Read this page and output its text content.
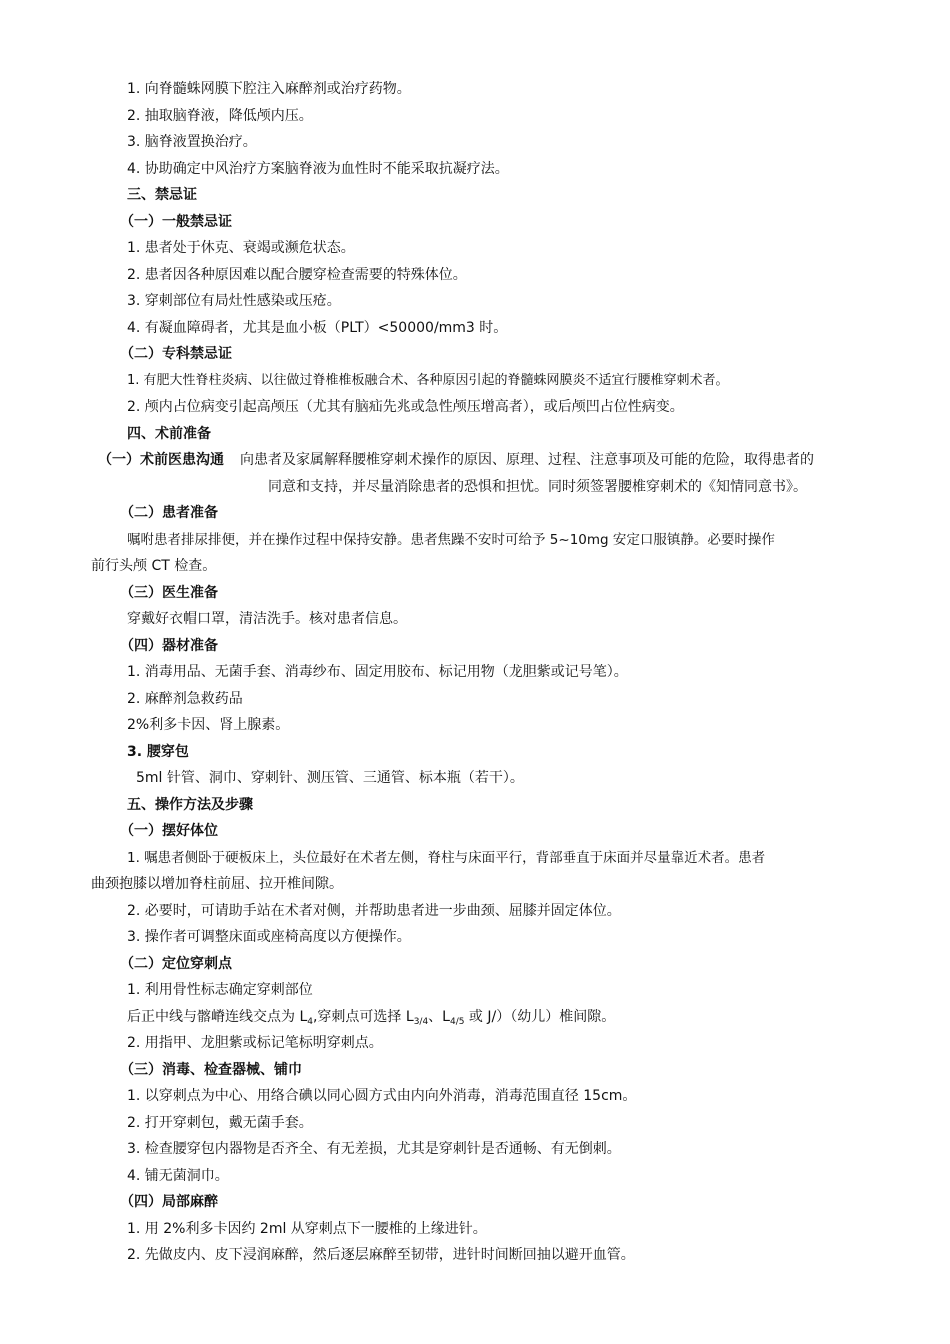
1. 向脊髓蛛网膜下腔注入麻醉剂或治疗药物。
2. 抽取脑脊液，降低颅内压。
3. 脑脊液置换治疗。
4. 协助确定中风治疗方案脑脊液为血性时不能采取抗凝疗法。
三、禁忌证
（一）一般禁忌证
1. 患者处于休克、衰竭或濒危状态。
2. 患者因各种原因难以配合腰穿检查需要的特殊体位。
3. 穿刺部位有局灶性感染或压疮。
4. 有凝血障碍者，尤其是血小板（PLT）<50000/mm3 时。
（二）专科禁忌证
1. 有肥大性脊柱炎病、以往做过脊椎椎板融合术、各种原因引起的脊髓蛛网膜炎不适宜行腰椎穿刺术者。
2. 颅内占位病变引起高颅压（尤其有脑疝先兆或急性颅压增高者），或后颅凹占位性病变。
四、术前准备
（一）术前医患沟通 向患者及家属解释腰椎穿刺术操作的原因、原理、过程、注意事项及可能的危险，取得患者的
同意和支持，并尽量消除患者的恐惧和担忧。同时须签署腰椎穿刺术的《知情同意书》。
（二）患者准备
嘱咐患者排尿排便，并在操作过程中保持安静。患者焦躁不安时可给予 5~10mg 安定口服镇静。必要时操作
前行头颅 CT 检查。
（三）医生准备
穿戴好衣帽口罩，清洁洗手。核对患者信息。
（四）器材准备
1. 消毒用品、无菌手套、消毒纱布、固定用胶布、标记用物（龙胆紫或记号笔）。
2. 麻醉剂急救药品
2%利多卡因、肾上腺素。
3. 腰穿包
5ml 针管、洞巾、穿刺针、测压管、三通管、标本瓶（若干）。
五、操作方法及步骤
（一）摆好体位
1. 嘱患者侧卧于硬板床上，头位最好在术者左侧，脊柱与床面平行，背部垂直于床面并尽量靠近术者。患者
曲颈抱膝以增加脊柱前屈、拉开椎间隙。
2. 必要时，可请助手站在术者对侧，并帮助患者进一步曲颈、屈膝并固定体位。
3. 操作者可调整床面或座椅高度以方便操作。
（二）定位穿刺点
1. 利用骨性标志确定穿刺部位
后正中线与髂嵴连线交点为 $L_4$,穿刺点可选择 $L_{3/4}$、$L_{4/5}$ 或 J/）（幼儿）椎间隙。
2. 用指甲、龙胆紫或标记笔标明穿刺点。
（三）消毒、检查器械、铺巾
1. 以穿刺点为中心、用络合碘以同心圆方式由内向外消毒，消毒范围直径 15cm。
2. 打开穿刺包，戴无菌手套。
3. 检查腰穿包内器物是否齐全、有无差损，尤其是穿刺针是否通畅、有无倒刺。
4. 铺无菌洞巾。
（四）局部麻醉
1. 用 2%利多卡因约 2ml 从穿刺点下一腰椎的上缘进针。
2. 先做皮内、皮下浸润麻醉，然后逐层麻醉至韧带，进针时间断回抽以避开血管。
